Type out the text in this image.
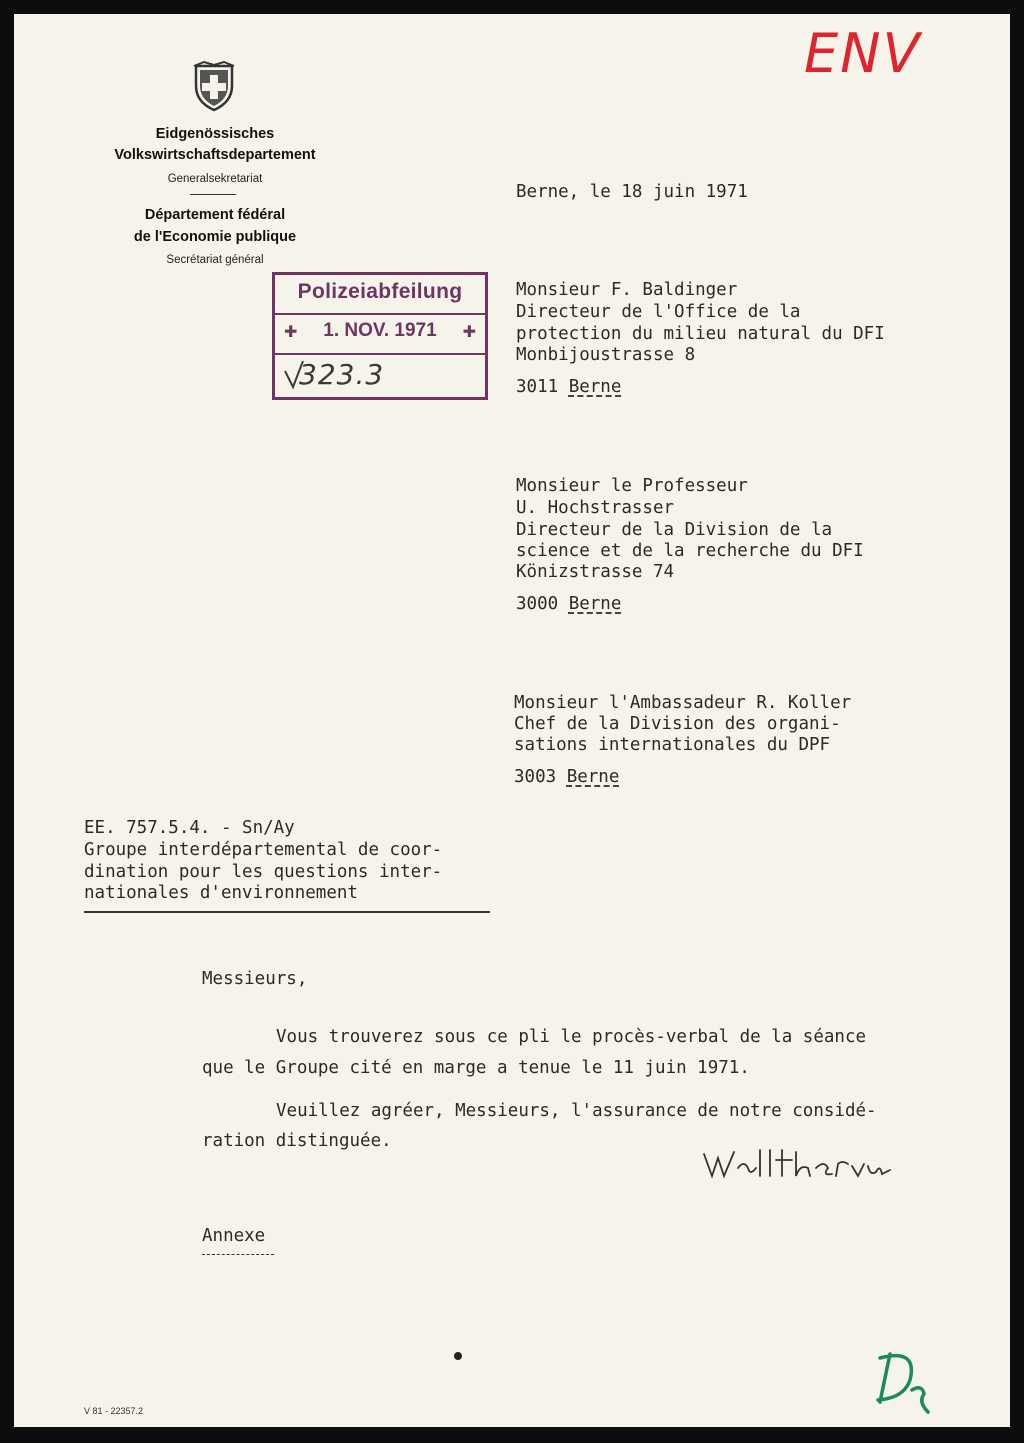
Eidgenössisches
Volkswirtschaftsdepartement
Generalsekretariat
Département fédéral
de l'Economie publique
Secrétariat général
ENV
Berne, le 18 juin 1971
Polizeiabfeilung
✚	1. NOV. 1971	✚
323.3
Monsieur F. Baldinger
Directeur de l'Office de la
protection du milieu natural du DFI
Monbijoustrasse 8
3011 Berne
Monsieur le Professeur
U. Hochstrasser
Directeur de la Division de la
science et de la recherche du DFI
Könizstrasse 74
3000 Berne
Monsieur l'Ambassadeur R. Koller
Chef de la Division des organi-
sations internationales du DPF
3003 Berne
EE. 757.5.4. - Sn/Ay
Groupe interdépartemental de coor-
dination pour les questions inter-
nationales d'environnement
Messieurs,
Vous trouverez sous ce pli le procès-verbal de la séance
que le Groupe cité en marge a tenue le 11 juin 1971.
Veuillez agréer, Messieurs, l'assurance de notre considé-
ration distinguée.
Annexe
V 81 - 22357.2
